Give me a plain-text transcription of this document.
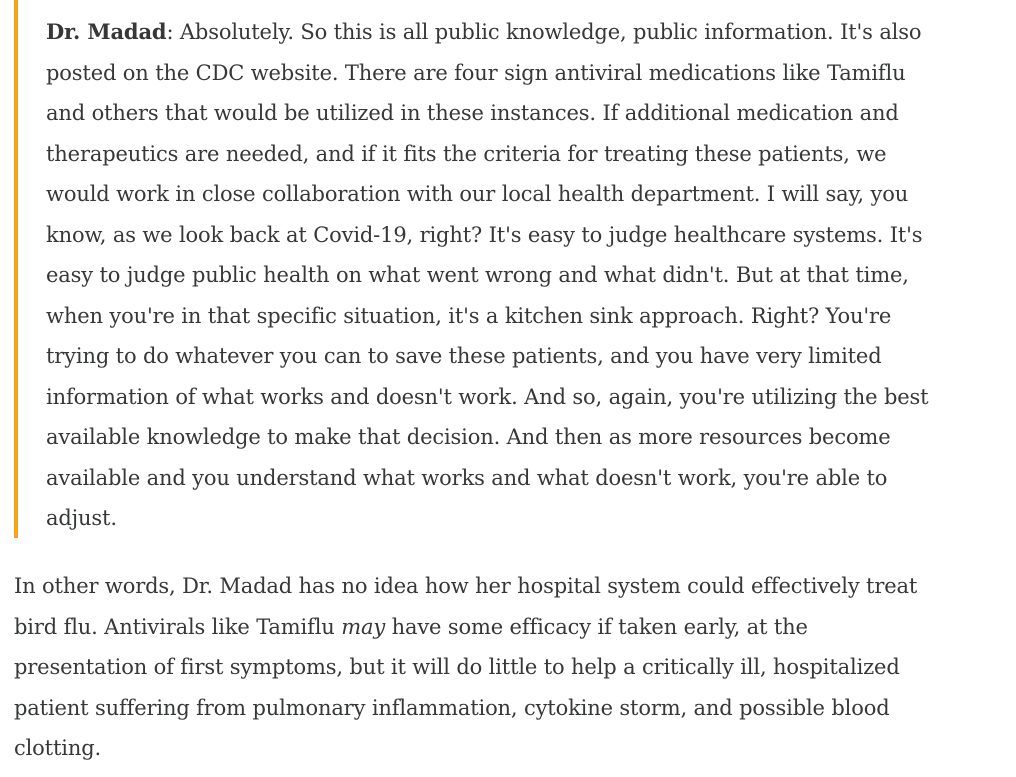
Dr. Madad: Absolutely. So this is all public knowledge, public information. It's also
posted on the CDC website. There are four sign antiviral medications like Tamiflu
and others that would be utilized in these instances. If additional medication and
therapeutics are needed, and if it fits the criteria for treating these patients, we
would work in close collaboration with our local health department. I will say, you
know, as we look back at Covid-19, right? It's easy to judge healthcare systems. It's
easy to judge public health on what went wrong and what didn't. But at that time,
when you're in that specific situation, it's a kitchen sink approach. Right? You're
trying to do whatever you can to save these patients, and you have very limited
information of what works and doesn't work. And so, again, you're utilizing the best
available knowledge to make that decision. And then as more resources become
available and you understand what works and what doesn't work, you're able to
adjust.
In other words, Dr. Madad has no idea how her hospital system could effectively treat
bird flu. Antivirals like Tamiflu may have some efficacy if taken early, at the
presentation of first symptoms, but it will do little to help a critically ill, hospitalized
patient suffering from pulmonary inflammation, cytokine storm, and possible blood
clotting.
